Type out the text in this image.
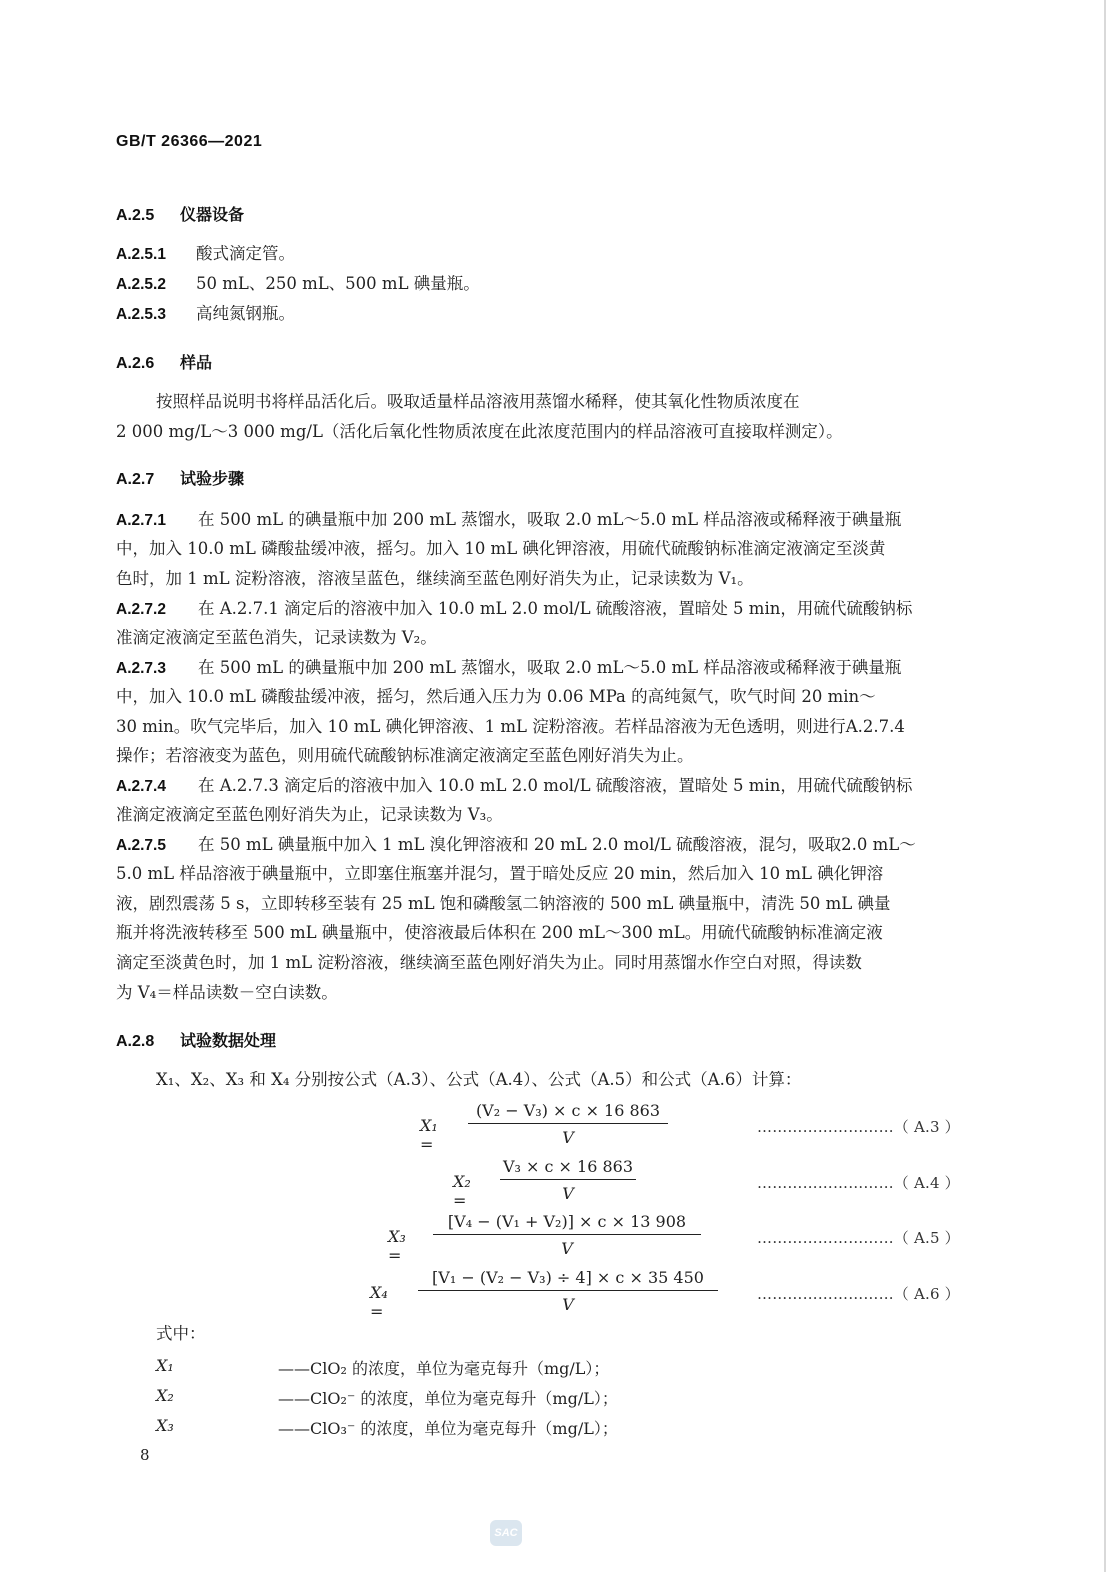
GB/T 26366—2021
A.2.5 仪器设备
A.2.5.1 酸式滴定管。
A.2.5.2 50 mL、250 mL、500 mL 碘量瓶。
A.2.5.3 高纯氮钢瓶。
A.2.6 样品
按照样品说明书将样品活化后。吸取适量样品溶液用蒸馏水稀释，使其氧化性物质浓度在
2 000 mg/L～3 000 mg/L（活化后氧化性物质浓度在此浓度范围内的样品溶液可直接取样测定）。
A.2.7 试验步骤
A.2.7.1 在 500 mL 的碘量瓶中加 200 mL 蒸馏水，吸取 2.0 mL～5.0 mL 样品溶液或稀释液于碘量瓶
中，加入 10.0 mL 磷酸盐缓冲液，摇匀。加入 10 mL 碘化钾溶液，用硫代硫酸钠标准滴定液滴定至淡黄
色时，加 1 mL 淀粉溶液，溶液呈蓝色，继续滴至蓝色刚好消失为止，记录读数为 V₁。
A.2.7.2 在 A.2.7.1 滴定后的溶液中加入 10.0 mL 2.0 mol/L 硫酸溶液，置暗处 5 min，用硫代硫酸钠标
准滴定液滴定至蓝色消失，记录读数为 V₂。
A.2.7.3 在 500 mL 的碘量瓶中加 200 mL 蒸馏水，吸取 2.0 mL～5.0 mL 样品溶液或稀释液于碘量瓶
中，加入 10.0 mL 磷酸盐缓冲液，摇匀，然后通入压力为 0.06 MPa 的高纯氮气，吹气时间 20 min～
30 min。吹气完毕后，加入 10 mL 碘化钾溶液、1 mL 淀粉溶液。若样品溶液为无色透明，则进行A.2.7.4
操作；若溶液变为蓝色，则用硫代硫酸钠标准滴定液滴定至蓝色刚好消失为止。
A.2.7.4 在 A.2.7.3 滴定后的溶液中加入 10.0 mL 2.0 mol/L 硫酸溶液，置暗处 5 min，用硫代硫酸钠标
准滴定液滴定至蓝色刚好消失为止，记录读数为 V₃。
A.2.7.5 在 50 mL 碘量瓶中加入 1 mL 溴化钾溶液和 20 mL 2.0 mol/L 硫酸溶液，混匀，吸取2.0 mL～
5.0 mL 样品溶液于碘量瓶中，立即塞住瓶塞并混匀，置于暗处反应 20 min，然后加入 10 mL 碘化钾溶
液，剧烈震荡 5 s，立即转移至装有 25 mL 饱和磷酸氢二钠溶液的 500 mL 碘量瓶中，清洗 50 mL 碘量
瓶并将洗液转移至 500 mL 碘量瓶中，使溶液最后体积在 200 mL～300 mL。用硫代硫酸钠标准滴定液
滴定至淡黄色时，加 1 mL 淀粉溶液，继续滴至蓝色刚好消失为止。同时用蒸馏水作空白对照，得读数
为 V₄＝样品读数－空白读数。
A.2.8 试验数据处理
X₁、X₂、X₃ 和 X₄ 分别按公式（A.3）、公式（A.4）、公式（A.5）和公式（A.6）计算：
X₁ =
(V₂ − V₃) × c × 16 863
V
………………………（ A.3 ）
X₂ =
V₃ × c × 16 863
V
………………………（ A.4 ）
X₃ =
[V₄ − (V₁ + V₂)] × c × 13 908
V
………………………（ A.5 ）
X₄ =
[V₁ − (V₂ − V₃) ÷ 4] × c × 35 450
V
………………………（ A.6 ）
式中：
X₁	——ClO₂ 的浓度，单位为毫克每升（mg/L）；
X₂	——ClO₂⁻ 的浓度，单位为毫克每升（mg/L）；
X₃	——ClO₃⁻ 的浓度，单位为毫克每升（mg/L）；
8
SAC
